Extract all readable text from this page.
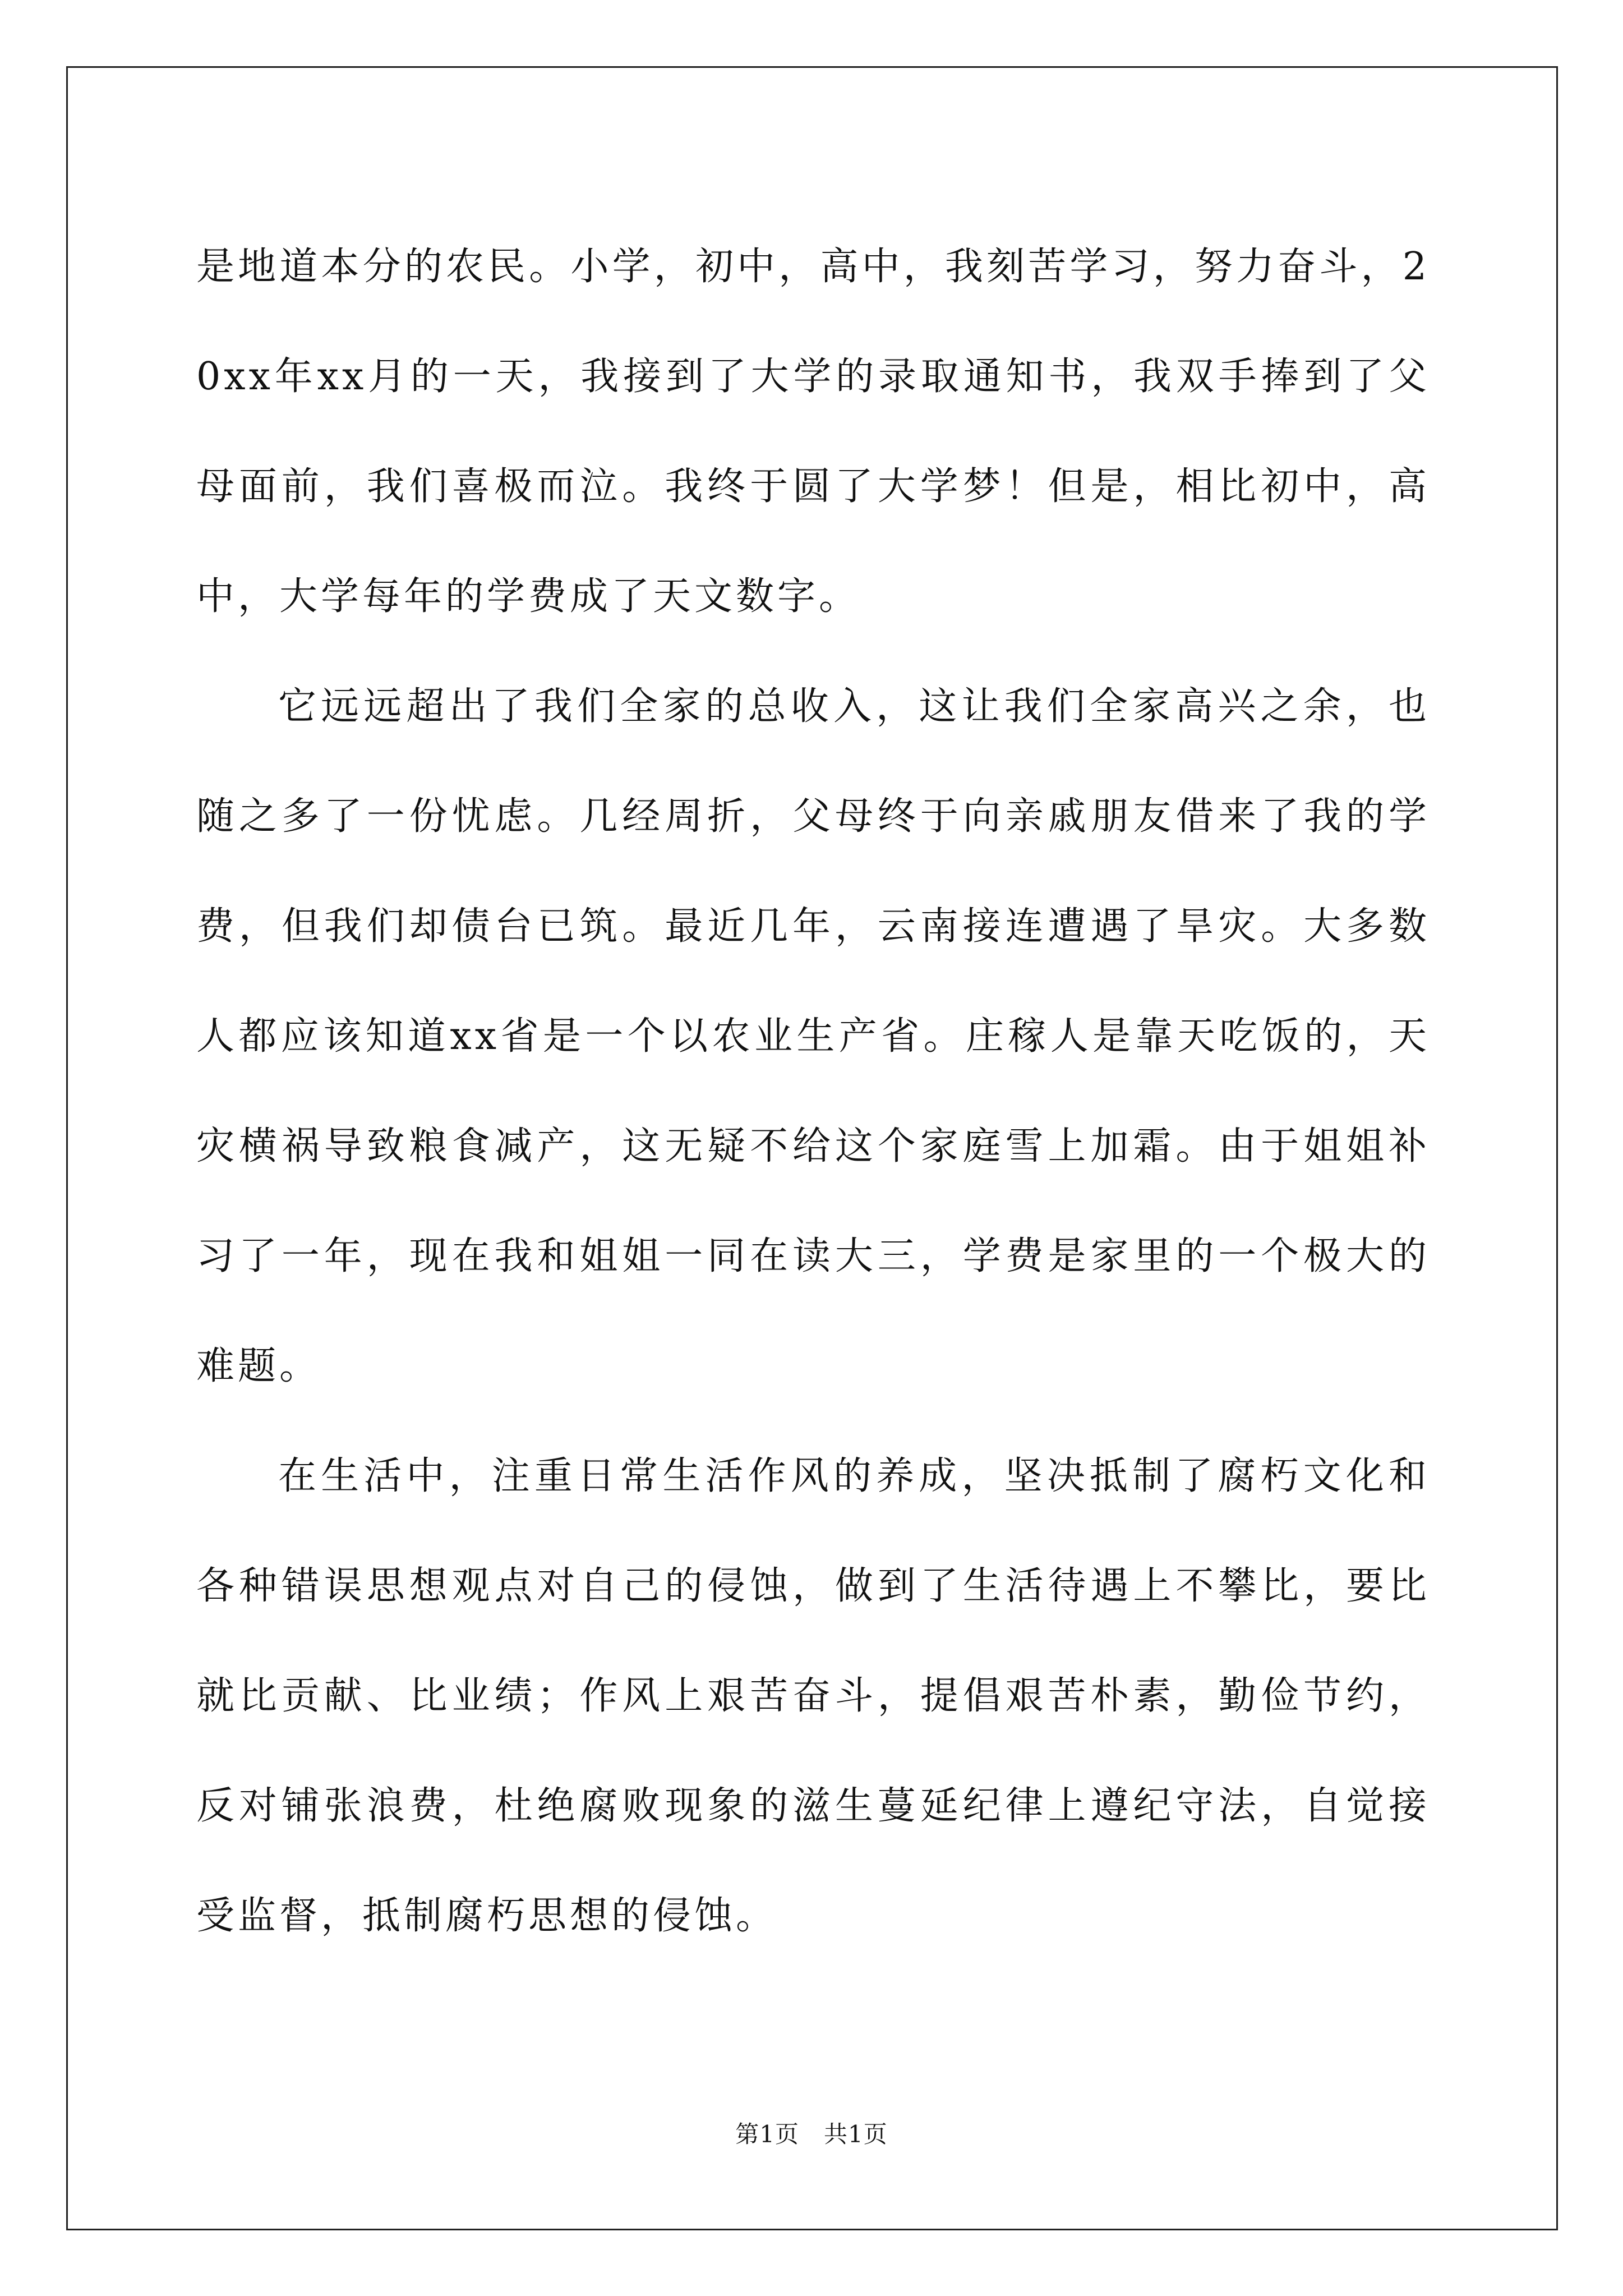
是地道本分的农民。小学，初中，高中，我刻苦学习，努力奋斗，20xx年xx月的一天，我接到了大学的录取通知书，我双手捧到了父母面前，我们喜极而泣。我终于圆了大学梦！但是，相比初中，高中，大学每年的学费成了天文数字。

它远远超出了我们全家的总收入，这让我们全家高兴之余，也随之多了一份忧虑。几经周折，父母终于向亲戚朋友借来了我的学费，但我们却债台已筑。最近几年，云南接连遭遇了旱灾。大多数人都应该知道xx省是一个以农业生产省。庄稼人是靠天吃饭的，天灾横祸导致粮食减产，这无疑不给这个家庭雪上加霜。由于姐姐补习了一年，现在我和姐姐一同在读大三，学费是家里的一个极大的难题。

在生活中，注重日常生活作风的养成，坚决抵制了腐朽文化和各种错误思想观点对自己的侵蚀，做到了生活待遇上不攀比，要比就比贡献、比业绩；作风上艰苦奋斗，提倡艰苦朴素，勤俭节约，反对铺张浪费，杜绝腐败现象的滋生蔓延纪律上遵纪守法，自觉接受监督，抵制腐朽思想的侵蚀。

第1页 共1页
